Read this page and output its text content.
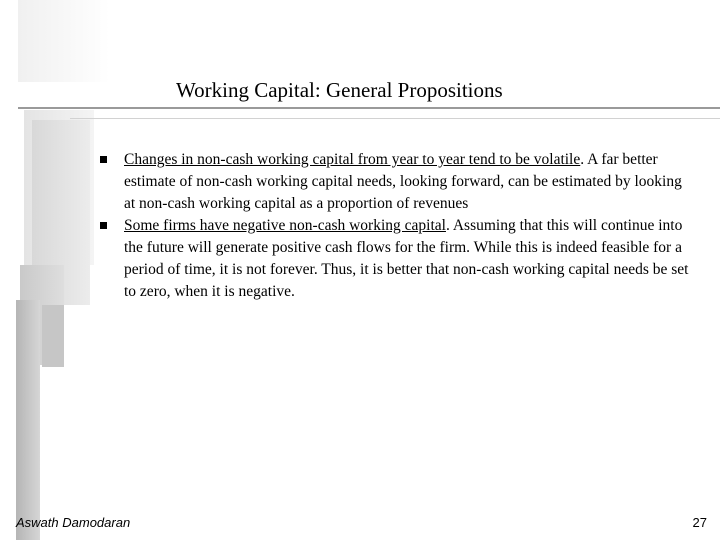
Working Capital: General Propositions
Changes in non-cash working capital from year to year tend to be volatile. A far better estimate of non-cash working capital needs, looking forward, can be estimated by looking at non-cash working capital as a proportion of revenues
Some firms have negative non-cash working capital. Assuming that this will continue into the future will generate positive cash flows for the firm. While this is indeed feasible for a period of time, it is not forever. Thus, it is better that non-cash working capital needs be set to zero, when it is negative.
Aswath Damodaran	27
